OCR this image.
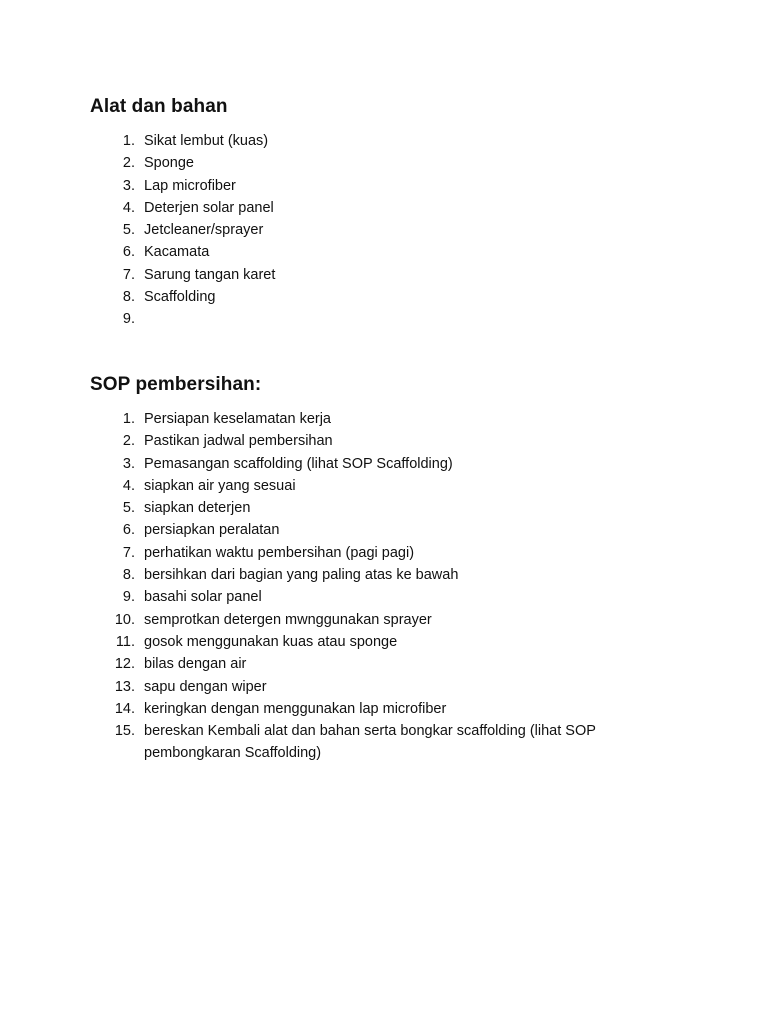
Alat dan bahan
1. Sikat lembut (kuas)
2. Sponge
3. Lap microfiber
4. Deterjen solar panel
5. Jetcleaner/sprayer
6. Kacamata
7. Sarung tangan karet
8. Scaffolding
9.
SOP pembersihan:
1. Persiapan keselamatan kerja
2. Pastikan jadwal pembersihan
3. Pemasangan scaffolding (lihat SOP Scaffolding)
4. siapkan air yang sesuai
5. siapkan deterjen
6. persiapkan peralatan
7. perhatikan waktu pembersihan (pagi pagi)
8. bersihkan dari bagian yang paling atas ke bawah
9. basahi solar panel
10. semprotkan detergen mwnggunakan sprayer
11. gosok menggunakan kuas atau sponge
12. bilas dengan air
13. sapu dengan wiper
14. keringkan dengan menggunakan lap microfiber
15. bereskan Kembali alat dan bahan serta bongkar scaffolding (lihat SOP pembongkaran Scaffolding)
